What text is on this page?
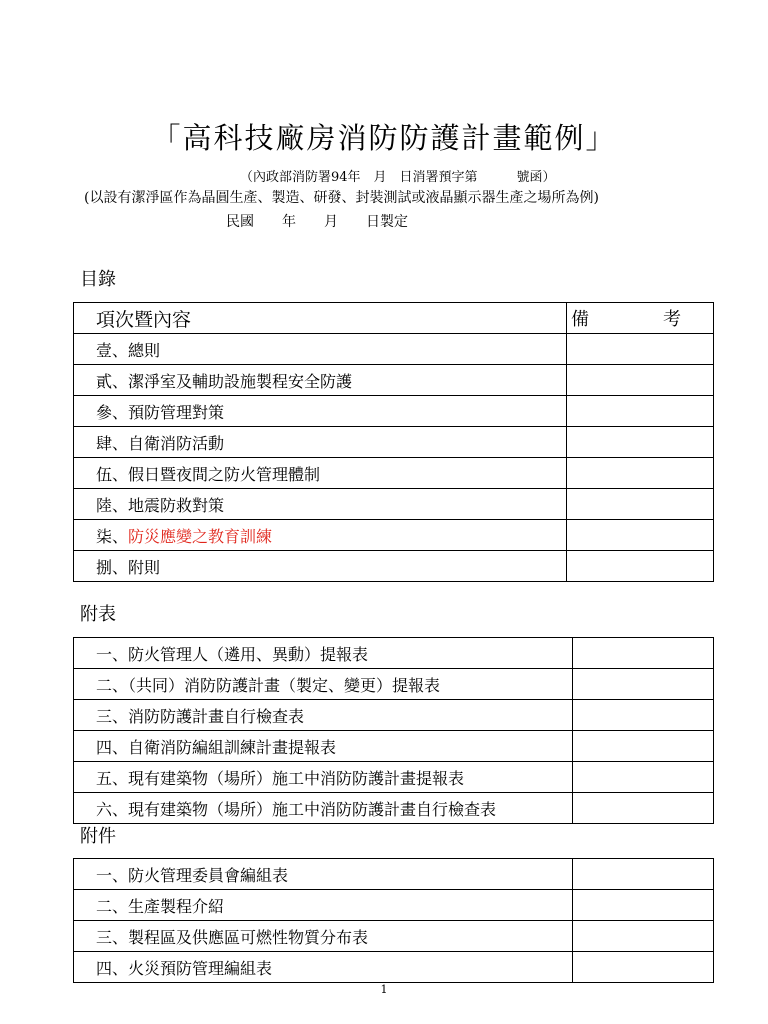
「高科技廠房消防防護計畫範例」
（內政部消防署94年　月　日消署預字第　　　號函）
(以設有潔淨區作為晶圓生產、製造、研發、封裝測試或液晶顯示器生產之場所為例)
民國　　年　　月　　日製定
目錄
項次暨內容	備　考
壹、總則	
貳、潔淨室及輔助設施製程安全防護	
參、預防管理對策	
肆、自衛消防活動	
伍、假日暨夜間之防火管理體制	
陸、地震防救對策	
柒、防災應變之教育訓練	
捌、附則	
附表
一、防火管理人（遴用、異動）提報表	
二、（共同）消防防護計畫（製定、變更）提報表	
三、消防防護計畫自行檢查表	
四、自衛消防編組訓練計畫提報表	
五、現有建築物（場所）施工中消防防護計畫提報表	
六、現有建築物（場所）施工中消防防護計畫自行檢查表	
附件
一、防火管理委員會編組表	
二、生產製程介紹	
三、製程區及供應區可燃性物質分布表	
四、火災預防管理編組表	
1
